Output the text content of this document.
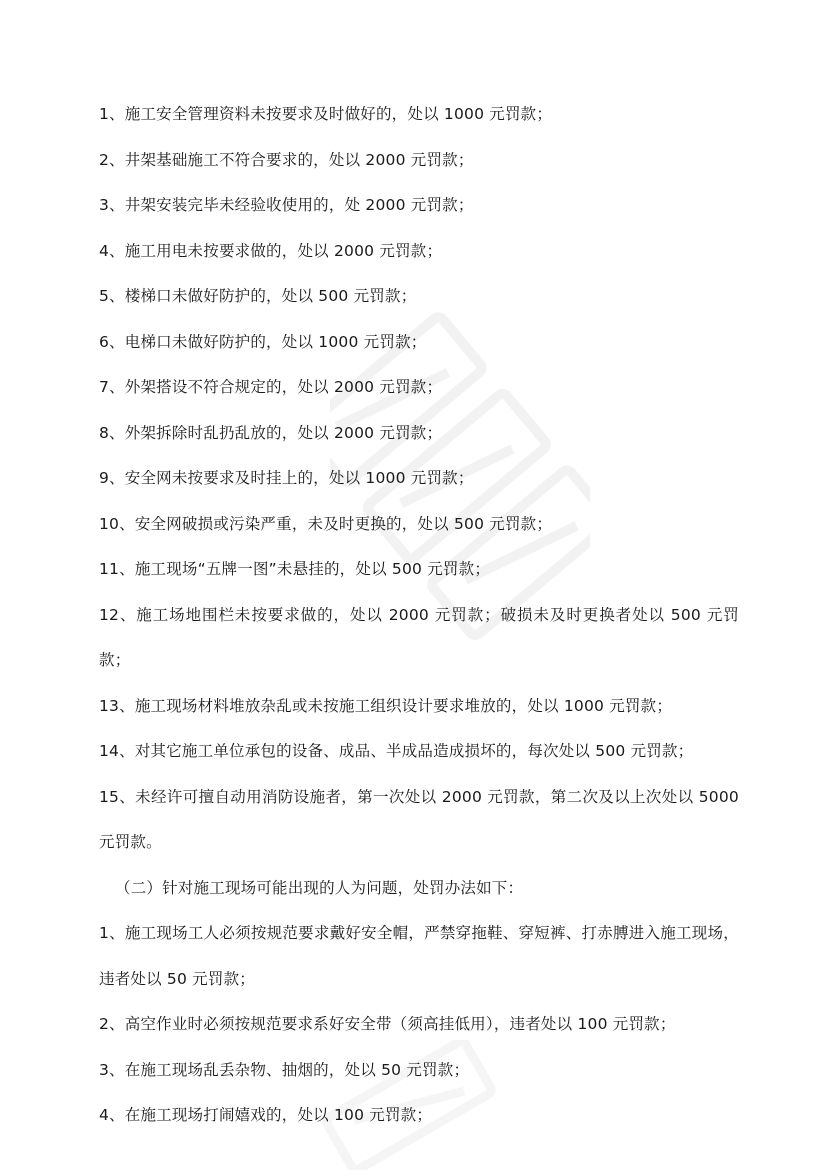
1、施工安全管理资料未按要求及时做好的，处以 1000 元罚款；
2、井架基础施工不符合要求的，处以 2000 元罚款；
3、井架安装完毕未经验收使用的，处 2000 元罚款；
4、施工用电未按要求做的，处以 2000 元罚款；
5、楼梯口未做好防护的，处以 500 元罚款；
6、电梯口未做好防护的，处以 1000 元罚款；
7、外架搭设不符合规定的，处以 2000 元罚款；
8、外架拆除时乱扔乱放的，处以 2000 元罚款；
9、安全网未按要求及时挂上的，处以 1000 元罚款；
10、安全网破损或污染严重，未及时更换的，处以 500 元罚款；
11、施工现场“五牌一图”未悬挂的，处以 500 元罚款；
12、施工场地围栏未按要求做的，处以 2000 元罚款；破损未及时更换者处以 500 元罚款；
13、施工现场材料堆放杂乱或未按施工组织设计要求堆放的，处以 1000 元罚款；
14、对其它施工单位承包的设备、成品、半成品造成损坏的，每次处以 500 元罚款；
15、未经许可擅自动用消防设施者，第一次处以 2000 元罚款，第二次及以上次处以 5000 元罚款。
（二）针对施工现场可能出现的人为问题，处罚办法如下：
1、施工现场工人必须按规范要求戴好安全帽，严禁穿拖鞋、穿短裤、打赤膊进入施工现场，违者处以 50 元罚款；
2、高空作业时必须按规范要求系好安全带（须高挂低用），违者处以 100 元罚款；
3、在施工现场乱丢杂物、抽烟的，处以 50 元罚款；
4、在施工现场打闹嬉戏的，处以 100 元罚款；
